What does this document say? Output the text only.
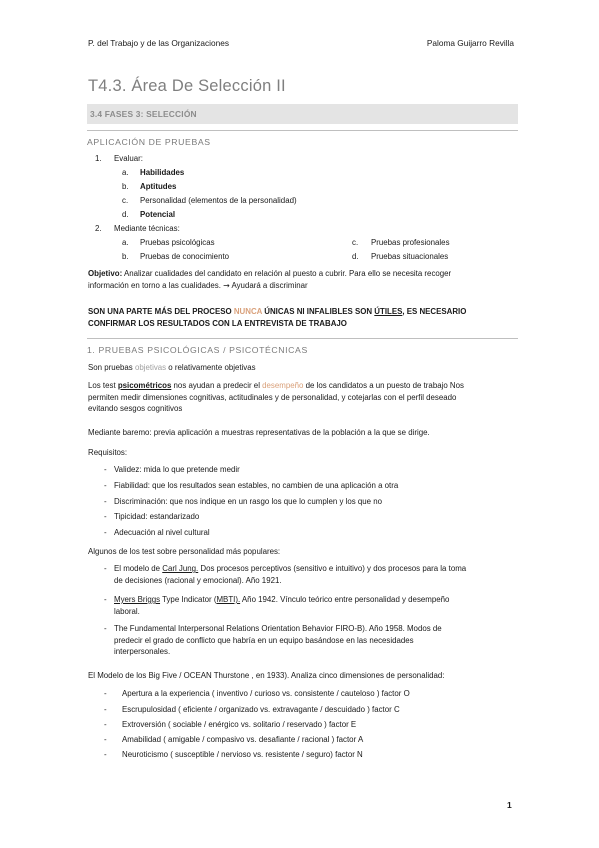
P. del Trabajo y de las Organizaciones	Paloma Guijarro Revilla
T4.3. Área De Selección II
3.4 FASES 3: SELECCIÓN
APLICACIÓN DE PRUEBAS
1. Evaluar:
a. Habilidades
b. Aptitudes
c. Personalidad (elementos de la personalidad)
d. Potencial
2. Mediante técnicas:
a. Pruebas psicológicas
b. Pruebas de conocimiento
c. Pruebas profesionales
d. Pruebas situacionales
Objetivo: Analizar cualidades del candidato en relación al puesto a cubrir. Para ello se necesita recoger
información en torno a las cualidades. → Ayudará a discriminar
SON UNA PARTE MÁS DEL PROCESO NUNCA ÚNICAS NI INFALIBLES SON ÚTILES, ES NECESARIO
CONFIRMAR LOS RESULTADOS CON LA ENTREVISTA DE TRABAJO
1. PRUEBAS PSICOLÓGICAS / PSICOTÉCNICAS
Son pruebas objetivas o relativamente objetivas
Los test psicométricos nos ayudan a predecir el desempeño de los candidatos a un puesto de trabajo Nos
permiten medir dimensiones cognitivas, actitudinales y de personalidad, y cotejarlas con el perfil deseado
evitando sesgos cognitivos
Mediante baremo: previa aplicación a muestras representativas de la población a la que se dirige.
Requisitos:
- Validez: mida lo que pretende medir
- Fiabilidad: que los resultados sean estables, no cambien de una aplicación a otra
- Discriminación: que nos indique en un rasgo los que lo cumplen y los que no
- Tipicidad: estandarizado
- Adecuación al nivel cultural
Algunos de los test sobre personalidad más populares:
- El modelo de Carl Jung. Dos procesos perceptivos (sensitivo e intuitivo) y dos procesos para la toma
de decisiones (racional y emocional). Año 1921.
- Myers Briggs Type Indicator (MBTI). Año 1942. Vínculo teórico entre personalidad y desempeño
laboral.
- The Fundamental Interpersonal Relations Orientation Behavior FIRO-B). Año 1958. Modos de
predecir el grado de conflicto que habría en un equipo basándose en las necesidades
interpersonales.
El Modelo de los Big Five / OCEAN Thurstone , en 1933). Analiza cinco dimensiones de personalidad:
- Apertura a la experiencia ( inventivo / curioso vs. consistente / cauteloso ) factor O
- Escrupulosidad ( eficiente / organizado vs. extravagante / descuidado ) factor C
- Extroversión ( sociable / enérgico vs. solitario / reservado ) factor E
- Amabilidad ( amigable / compasivo vs. desafiante / racional ) factor A
- Neuroticismo ( susceptible / nervioso vs. resistente / seguro) factor N
1
